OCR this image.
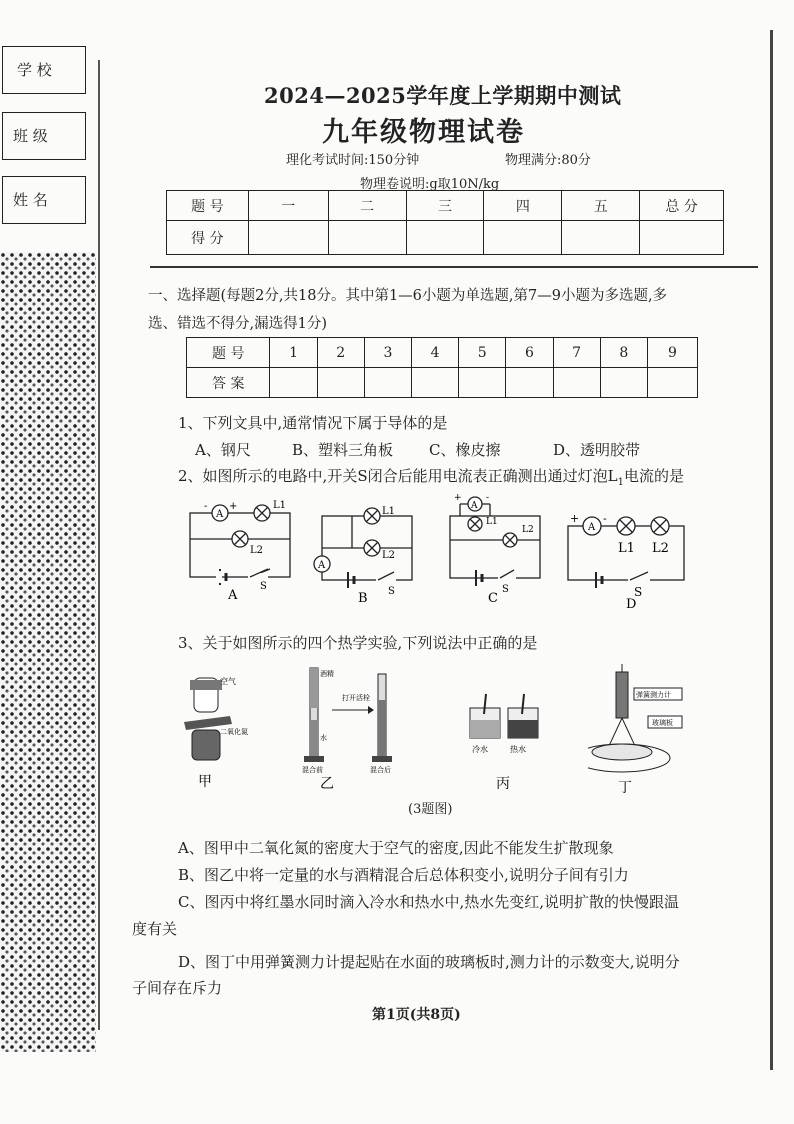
学 校
班 级
姓 名
2024—2025学年度上学期期中测试
九年级物理试卷
理化考试时间:150分钟	物理满分:80分
物理卷说明:g取10N/kg
题 号	一	二	三	四	五	总 分
得 分						
一、选择题(每题2分,共18分。其中第1—6小题为单选题,第7—9小题为多选题,多
选、错选不得分,漏选得1分)
题 号	1	2	3	4	5	6	7	8	9
答 案									
1、下列文具中,通常情况下属于导体的是
A、钢尺	B、塑料三角板 C、橡皮擦	D、透明胶带
2、如图所示的电路中,开关S闭合后能用电流表正确测出通过灯泡$L_1$电流的是
A
- +	L1
L2
S
A
A
L1
L2
S
B
A
+	-
L1
L2
S
C
A
+ -
L1 L2
S
D
3、关于如图所示的四个热学实验,下列说法中正确的是
空气
二氧化氮
甲
酒精
水
打开活栓
混合前	混合后
乙
冷水	热水
丙
弹簧测力计
玻璃板
丁
(3题图)
A、图甲中二氧化氮的密度大于空气的密度,因此不能发生扩散现象
B、图乙中将一定量的水与酒精混合后总体积变小,说明分子间有引力
C、图丙中将红墨水同时滴入冷水和热水中,热水先变红,说明扩散的快慢跟温
度有关
D、图丁中用弹簧测力计提起贴在水面的玻璃板时,测力计的示数变大,说明分
子间存在斥力
第1页(共8页)
